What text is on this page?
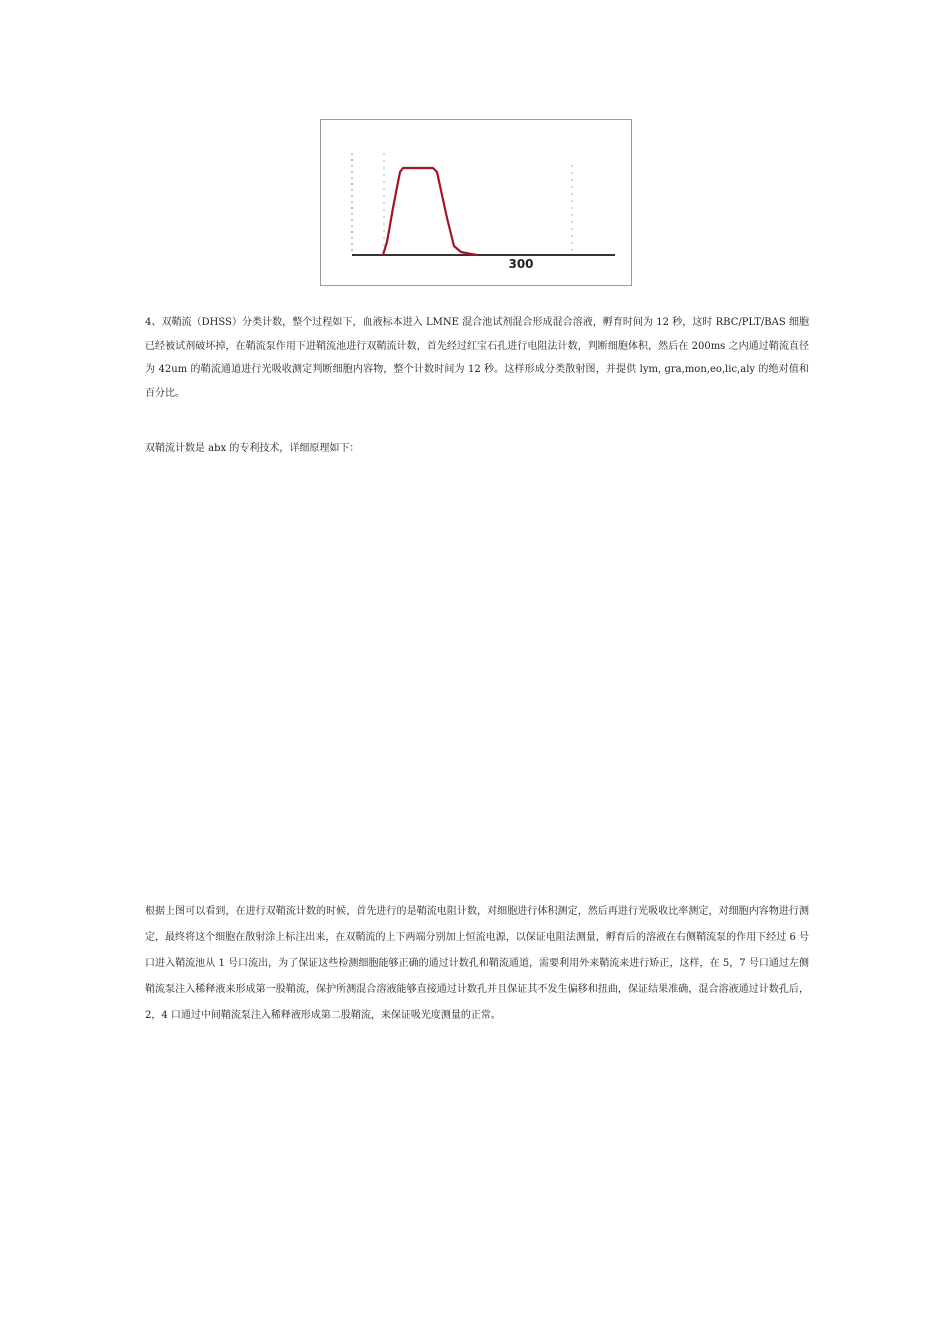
300

4、双鞘流（DHSS）分类计数，整个过程如下，血液标本进入 LMNE 混合池试剂混合形成混合溶液，孵育时间为 12 秒，这时 RBC/PLT/BAS 细胞已经被试剂破坏掉，在鞘流泵作用下进鞘流池进行双鞘流计数，首先经过红宝石孔进行电阻法计数，判断细胞体积，然后在 200ms 之内通过鞘流直径为 42um 的鞘流通道进行光吸收测定判断细胞内容物，整个计数时间为 12 秒。这样形成分类散射图，并提供 lym, gra,mon,eo,lic,aly 的绝对值和百分比。

双鞘流计数是 abx 的专利技术，详细原理如下：

根据上图可以看到，在进行双鞘流计数的时候，首先进行的是鞘流电阻计数，对细胞进行体积测定，然后再进行光吸收比率测定，对细胞内容物进行测定，最终将这个细胞在散射涂上标注出来，在双鞘流的上下两端分别加上恒流电源，以保证电阻法测量，孵育后的溶液在右侧鞘流泵的作用下经过 6 号口进入鞘流池从 1 号口流出，为了保证这些检测细胞能够正确的通过计数孔和鞘流通道，需要利用外来鞘流来进行矫正，这样，在 5，7 号口通过左侧鞘流泵注入稀释液来形成第一股鞘流，保护所测混合溶液能够直接通过计数孔并且保证其不发生偏移和扭曲，保证结果准确，混合溶液通过计数孔后，2，4 口通过中间鞘流泵注入稀释液形成第二股鞘流，来保证吸光度测量的正常。
